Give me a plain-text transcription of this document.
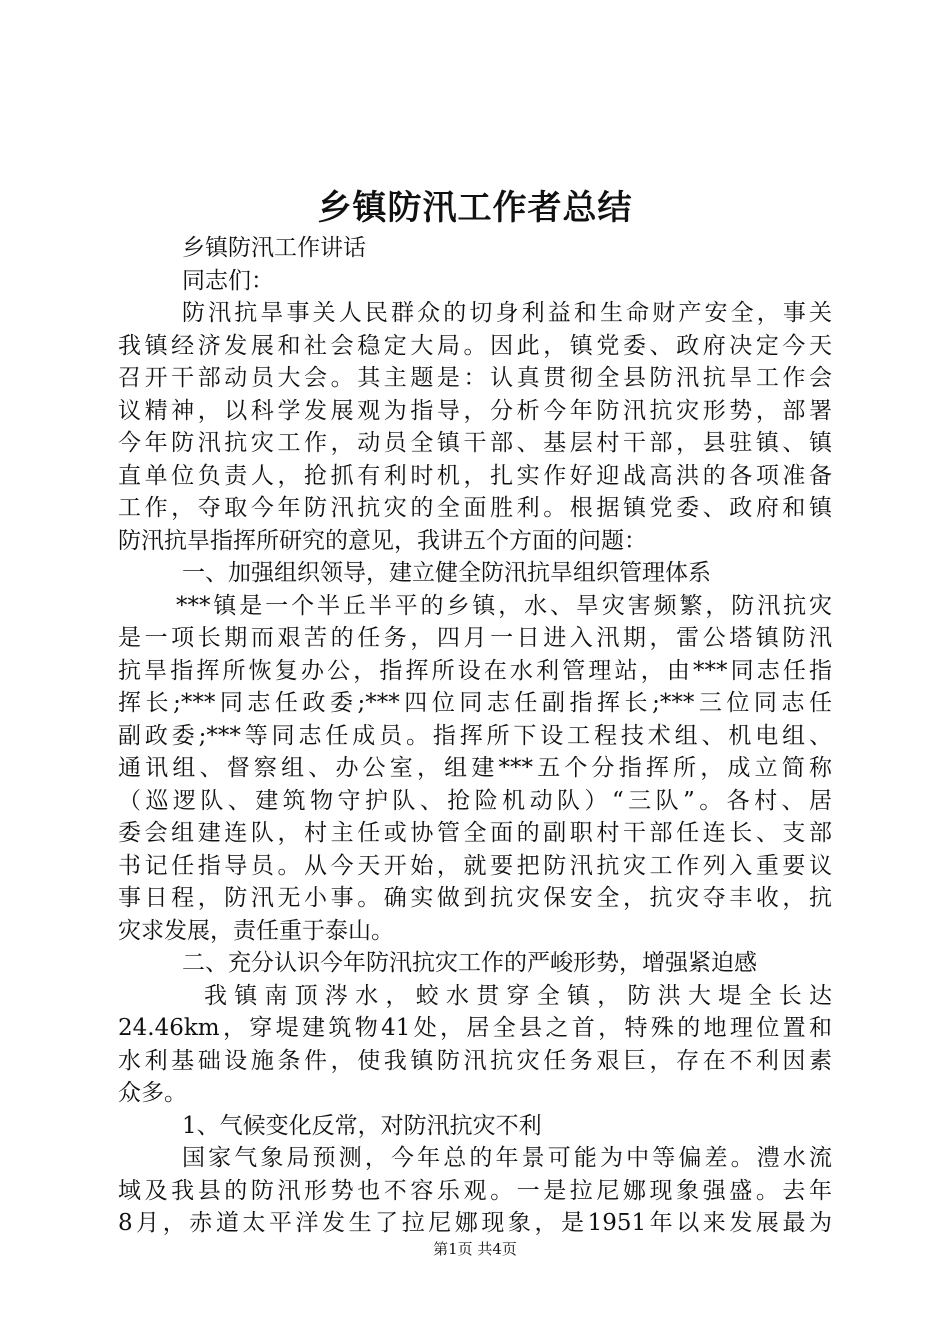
乡镇防汛工作者总结
乡镇防汛工作讲话
同志们：
防汛抗旱事关人民群众的切身利益和生命财产安全，事关
我镇经济发展和社会稳定大局。因此，镇党委、政府决定今天
召开干部动员大会。其主题是：认真贯彻全县防汛抗旱工作会
议精神，以科学发展观为指导，分析今年防汛抗灾形势，部署
今年防汛抗灾工作，动员全镇干部、基层村干部，县驻镇、镇
直单位负责人，抢抓有利时机，扎实作好迎战高洪的各项准备
工作，夺取今年防汛抗灾的全面胜利。根据镇党委、政府和镇
防汛抗旱指挥所研究的意见，我讲五个方面的问题：
一、加强组织领导，建立健全防汛抗旱组织管理体系
***镇是一个半丘半平的乡镇，水、旱灾害频繁，防汛抗灾
是一项长期而艰苦的任务，四月一日进入汛期，雷公塔镇防汛
抗旱指挥所恢复办公，指挥所设在水利管理站，由***同志任指
挥长;***同志任政委;***四位同志任副指挥长;***三位同志任
副政委;***等同志任成员。指挥所下设工程技术组、机电组、
通讯组、督察组、办公室，组建***五个分指挥所，成立简称
（巡逻队、建筑物守护队、抢险机动队）“三队”。各村、居
委会组建连队，村主任或协管全面的副职村干部任连长、支部
书记任指导员。从今天开始，就要把防汛抗灾工作列入重要议
事日程，防汛无小事。确实做到抗灾保安全，抗灾夺丰收，抗
灾求发展，责任重于泰山。
二、充分认识今年防汛抗灾工作的严峻形势，增强紧迫感
我镇南顶涔水，蛟水贯穿全镇，防洪大堤全长达
24.46km，穿堤建筑物41处，居全县之首，特殊的地理位置和
水利基础设施条件，使我镇防汛抗灾任务艰巨，存在不利因素
众多。
1、气候变化反常，对防汛抗灾不利
国家气象局预测，今年总的年景可能为中等偏差。澧水流
域及我县的防汛形势也不容乐观。一是拉尼娜现象强盛。去年
8月，赤道太平洋发生了拉尼娜现象，是1951年以来发展最为
第1页 共4页
